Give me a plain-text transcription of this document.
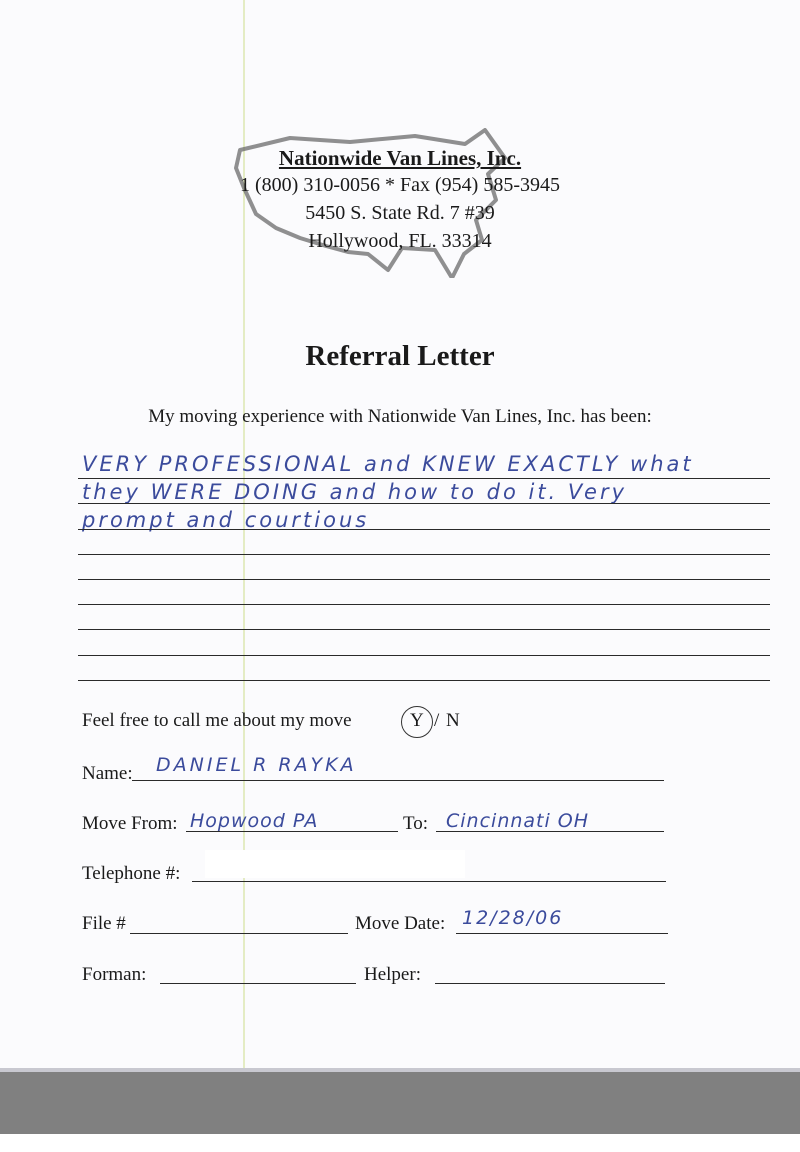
Nationwide Van Lines, Inc.
1 (800) 310-0056 * Fax (954) 585-3945
5450 S. State Rd. 7 #39
Hollywood, FL. 33314
Referral Letter
My moving experience with Nationwide Van Lines, Inc. has been:
VERY PROFESSIONAL and KNEW EXACTLY what
they WERE DOING and how to do it. Very
prompt and courtious
Feel free to call me about my move	Y / N
Name: DANIEL R RAYKA
Move From: Hopwood PA	To: Cincinnati OH
Telephone #:
File #	Move Date: 12/28/06
Forman:	Helper:
